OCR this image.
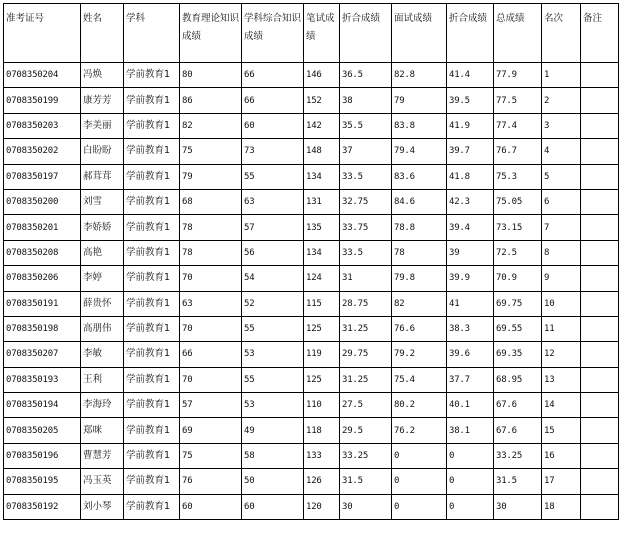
准考证号	姓名	学科	教育理论知识成绩	学科综合知识成绩	笔试成绩	折合成绩	面试成绩	折合成绩	总成绩	名次	备注
0708350204	冯焕	学前教育1	80	66	146	36.5	82.8	41.4	77.9	1	
0708350199	康芳芳	学前教育1	86	66	152	38	79	39.5	77.5	2	
0708350203	李美丽	学前教育1	82	60	142	35.5	83.8	41.9	77.4	3	
0708350202	白盼盼	学前教育1	75	73	148	37	79.4	39.7	76.7	4	
0708350197	郝茸茸	学前教育1	79	55	134	33.5	83.6	41.8	75.3	5	
0708350200	刘雪	学前教育1	68	63	131	32.75	84.6	42.3	75.05	6	
0708350201	李娇娇	学前教育1	78	57	135	33.75	78.8	39.4	73.15	7	
0708350208	高艳	学前教育1	78	56	134	33.5	78	39	72.5	8	
0708350206	李婷	学前教育1	70	54	124	31	79.8	39.9	70.9	9	
0708350191	薛贵怀	学前教育1	63	52	115	28.75	82	41	69.75	10	
0708350198	高朋伟	学前教育1	70	55	125	31.25	76.6	38.3	69.55	11	
0708350207	李敏	学前教育1	66	53	119	29.75	79.2	39.6	69.35	12	
0708350193	王利	学前教育1	70	55	125	31.25	75.4	37.7	68.95	13	
0708350194	李海玲	学前教育1	57	53	110	27.5	80.2	40.1	67.6	14	
0708350205	郑咪	学前教育1	69	49	118	29.5	76.2	38.1	67.6	15	
0708350196	曹慧芳	学前教育1	75	58	133	33.25	0	0	33.25	16	
0708350195	冯玉英	学前教育1	76	50	126	31.5	0	0	31.5	17	
0708350192	刘小琴	学前教育1	60	60	120	30	0	0	30	18	
